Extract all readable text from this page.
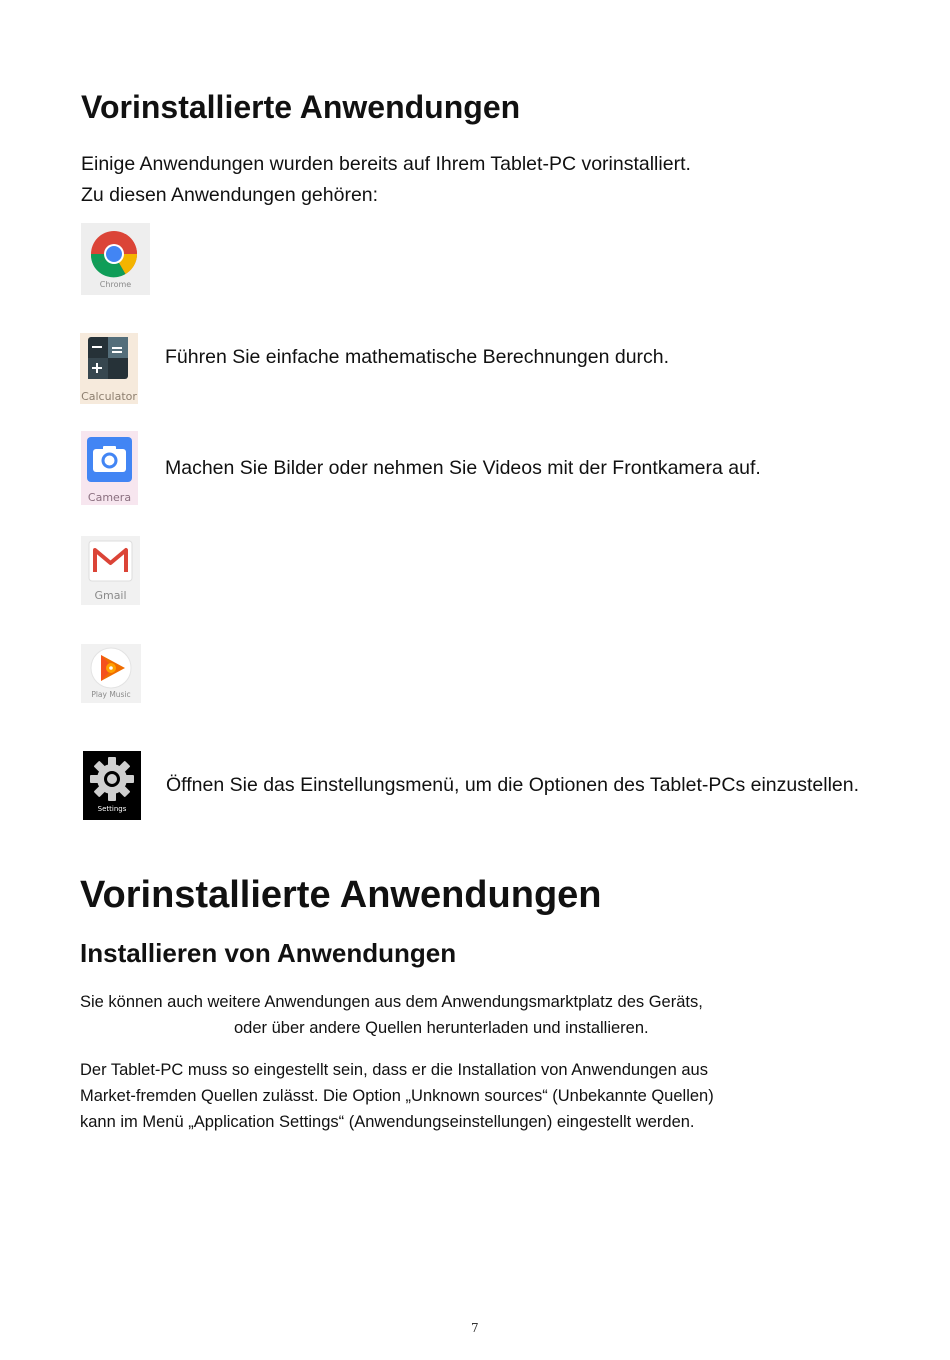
Vorinstallierte Anwendungen
Einige Anwendungen wurden bereits auf Ihrem Tablet-PC vorinstalliert.
Zu diesen Anwendungen gehören:
Chrome
Calculator
Führen Sie einfache mathematische Berechnungen durch.
Camera
Machen Sie Bilder oder nehmen Sie Videos mit der Frontkamera auf.
Gmail
Play Music
Settings
Öffnen Sie das Einstellungsmenü, um die Optionen des Tablet-PCs einzustellen.
Vorinstallierte Anwendungen
Installieren von Anwendungen
Sie können auch weitere Anwendungen aus dem Anwendungsmarktplatz des Geräts,
oder über andere Quellen herunterladen und installieren.
Der Tablet-PC muss so eingestellt sein, dass er die Installation von Anwendungen aus
Market-fremden Quellen zulässt. Die Option „Unknown sources“ (Unbekannte Quellen)
kann im Menü „Application Settings“ (Anwendungseinstellungen) eingestellt werden.
7
